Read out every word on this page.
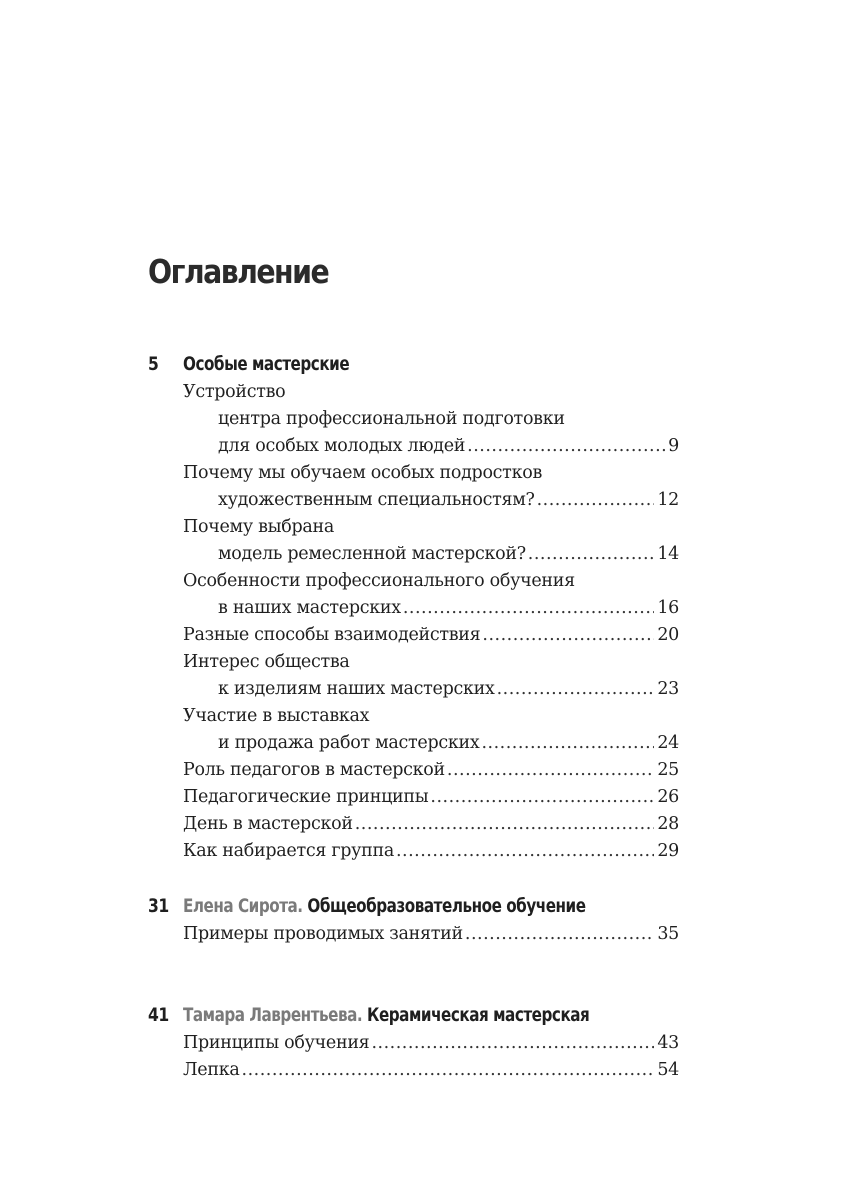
Оглавление
5 Особые мастерские
Устройство
центра профессиональной подготовки
для особых молодых людей .....	9
Почему мы обучаем особых подростков
художественным специальностям? .....	12
Почему выбрана
модель ремесленной мастерской? .....	14
Особенности профессионального обучения
в наших мастерских .....	16
Разные способы взаимодействия .....	20
Интерес общества
к изделиям наших мастерских .....	23
Участие в выставках
и продажа работ мастерских .....	24
Роль педагогов в мастерской .....	25
Педагогические принципы .....	26
День в мастерской .....	28
Как набирается группа .....	29
31 Елена Сирота. Общеобразовательное обучение
Примеры проводимых занятий .....	35
41 Тамара Лаврентьева. Керамическая мастерская
Принципы обучения .....	43
Лепка .....	54
